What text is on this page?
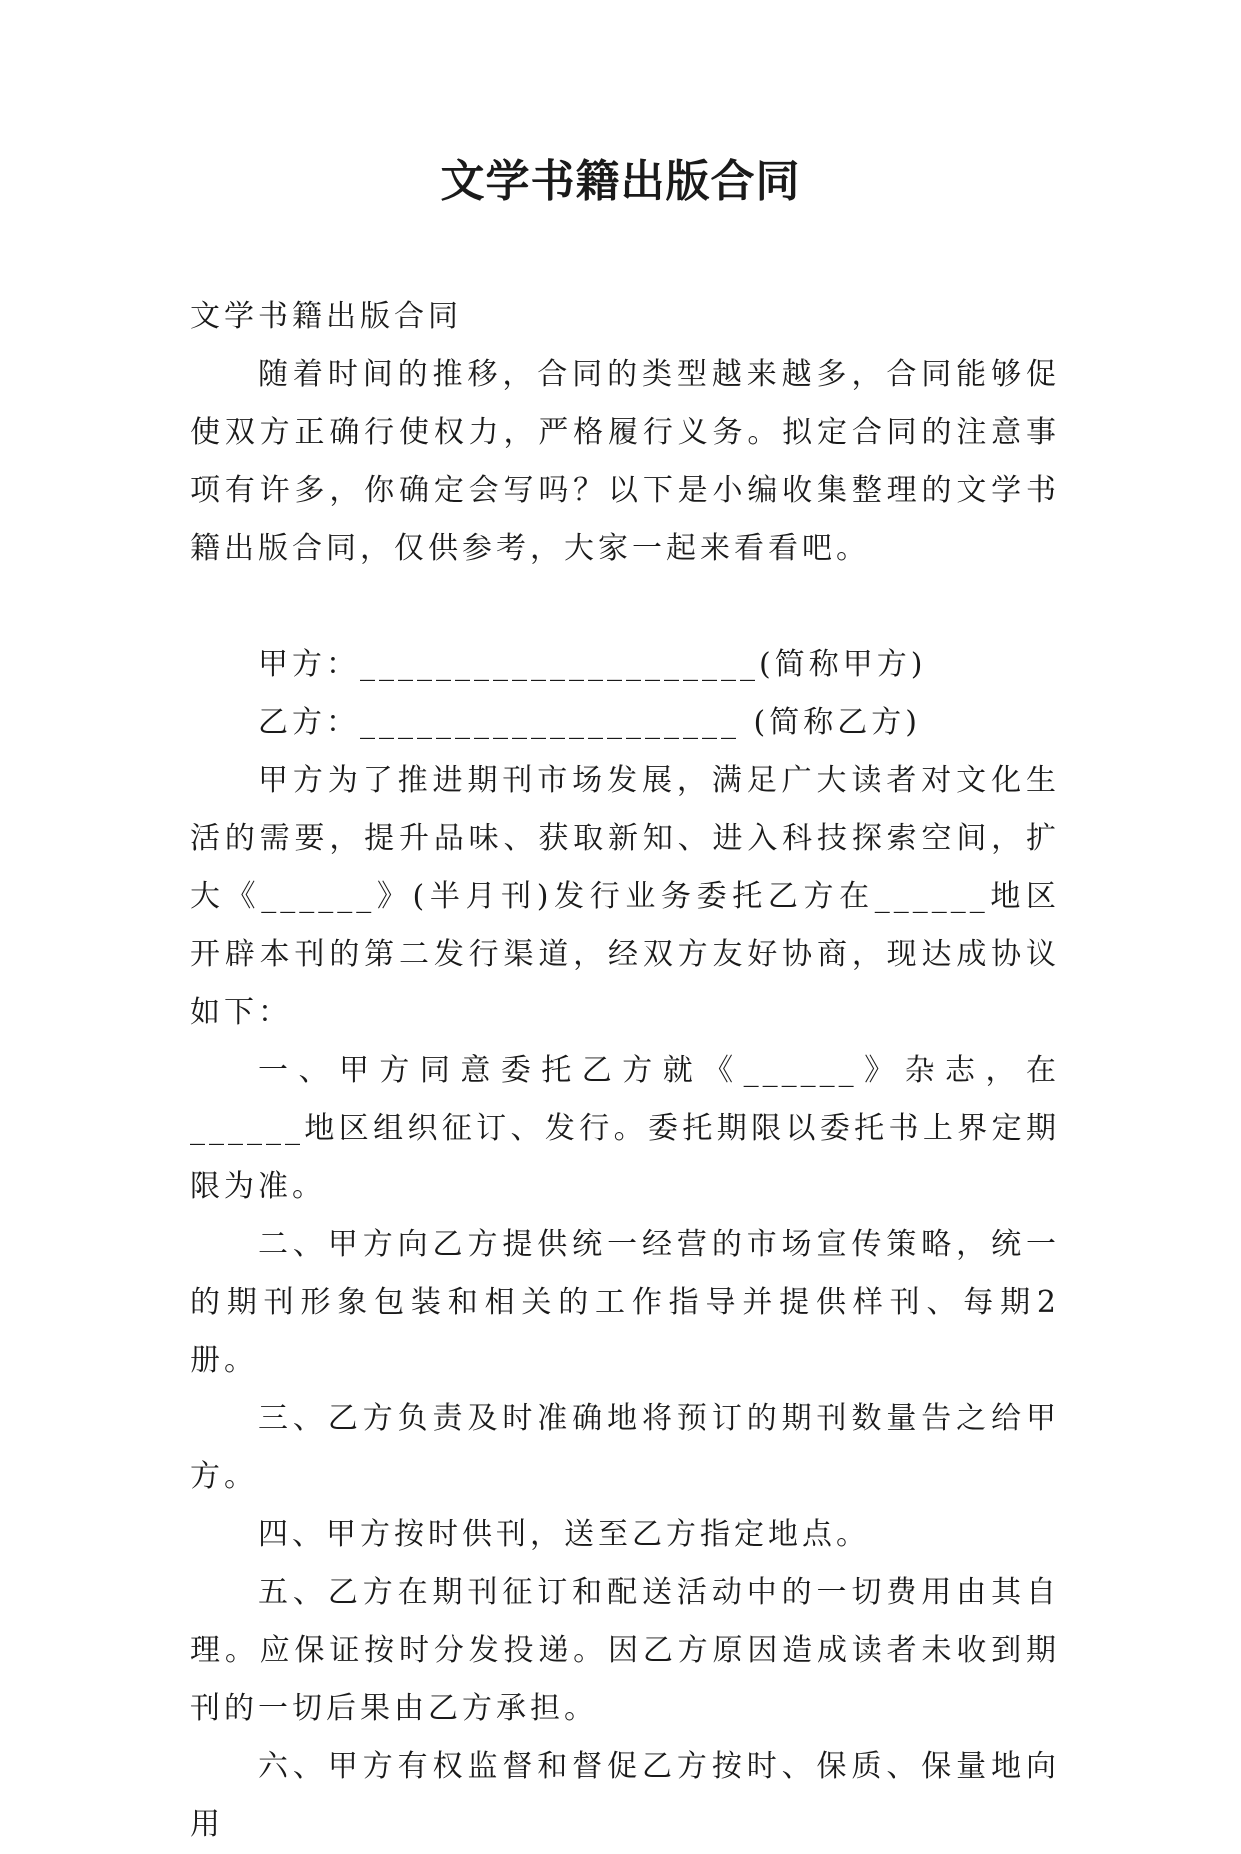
文学书籍出版合同

文学书籍出版合同

随着时间的推移，合同的类型越来越多，合同能够促使双方正确行使权力，严格履行义务。拟定合同的注意事项有许多，你确定会写吗？以下是小编收集整理的文学书籍出版合同，仅供参考，大家一起来看看吧。

甲方：_____________________(简称甲方)

乙方：____________________ (简称乙方)

甲方为了推进期刊市场发展，满足广大读者对文化生活的需要，提升品味、获取新知、进入科技探索空间，扩大《______》(半月刊)发行业务委托乙方在______地区开辟本刊的第二发行渠道，经双方友好协商，现达成协议如下：

一、甲方同意委托乙方就《______》杂志，在______地区组织征订、发行。委托期限以委托书上界定期限为准。

二、甲方向乙方提供统一经营的市场宣传策略，统一的期刊形象包装和相关的工作指导并提供样刊、每期2册。

三、乙方负责及时准确地将预订的期刊数量告之给甲方。

四、甲方按时供刊，送至乙方指定地点。

五、乙方在期刊征订和配送活动中的一切费用由其自理。应保证按时分发投递。因乙方原因造成读者未收到期刊的一切后果由乙方承担。

六、甲方有权监督和督促乙方按时、保质、保量地向用
